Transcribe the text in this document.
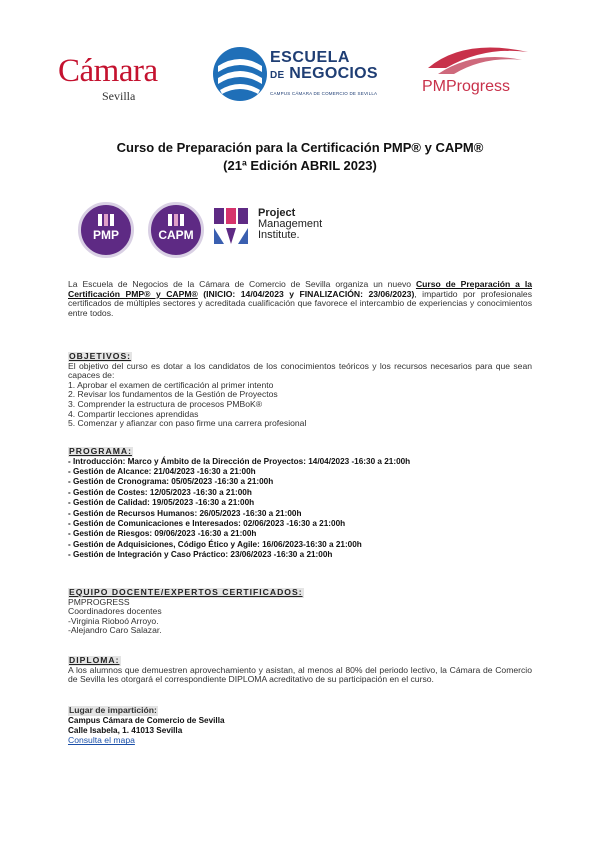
Cámara
Sevilla
ESCUELA
DE NEGOCIOS
CAMPUS CÁMARA DE COMERCIO DE SEVILLA	PMProgress
Curso de Preparación para la Certificación PMP® y CAPM®
(21ª Edición ABRIL 2023)
PMP	CAPM
Project
Management
Institute.
La Escuela de Negocios de la Cámara de Comercio de Sevilla organiza un nuevo Curso de Preparación a la Certificación PMP® y CAPM® (INICIO: 14/04/2023 y FINALIZACIÓN: 23/06/2023), impartido por profesionales certificados de múltiples sectores y acreditada cualificación que favorece el intercambio de experiencias y conocimientos entre todos.
OBJETIVOS:
El objetivo del curso es dotar a los candidatos de los conocimientos teóricos y los recursos necesarios para que sean capaces de:
1. Aprobar el examen de certificación al primer intento
2. Revisar los fundamentos de la Gestión de Proyectos
3. Comprender la estructura de procesos PMBoK®
4. Compartir lecciones aprendidas
5. Comenzar y afianzar con paso firme una carrera profesional
PROGRAMA:
- Introducción: Marco y Ámbito de la Dirección de Proyectos: 14/04/2023 -16:30 a 21:00h
- Gestión de Alcance: 21/04/2023 -16:30 a 21:00h
- Gestión de Cronograma: 05/05/2023 -16:30 a 21:00h
- Gestión de Costes: 12/05/2023 -16:30 a 21:00h
- Gestión de Calidad: 19/05/2023 -16:30 a 21:00h
- Gestión de Recursos Humanos: 26/05/2023 -16:30 a 21:00h
- Gestión de Comunicaciones e Interesados: 02/06/2023 -16:30 a 21:00h
- Gestión de Riesgos: 09/06/2023 -16:30 a 21:00h
- Gestión de Adquisiciones, Código Ético y Agile: 16/06/2023-16:30 a 21:00h
- Gestión de Integración y Caso Práctico: 23/06/2023 -16:30 a 21:00h
EQUIPO DOCENTE/EXPERTOS CERTIFICADOS:
PMPROGRESS
Coordinadores docentes
-Virginia Rioboó Arroyo.
-Alejandro Caro Salazar.
DIPLOMA:
A los alumnos que demuestren aprovechamiento y asistan, al menos al 80% del periodo lectivo, la Cámara de Comercio de Sevilla les otorgará el correspondiente DIPLOMA acreditativo de su participación en el curso.
Lugar de impartición:
Campus Cámara de Comercio de Sevilla
Calle Isabela, 1. 41013 Sevilla
Consulta el mapa
